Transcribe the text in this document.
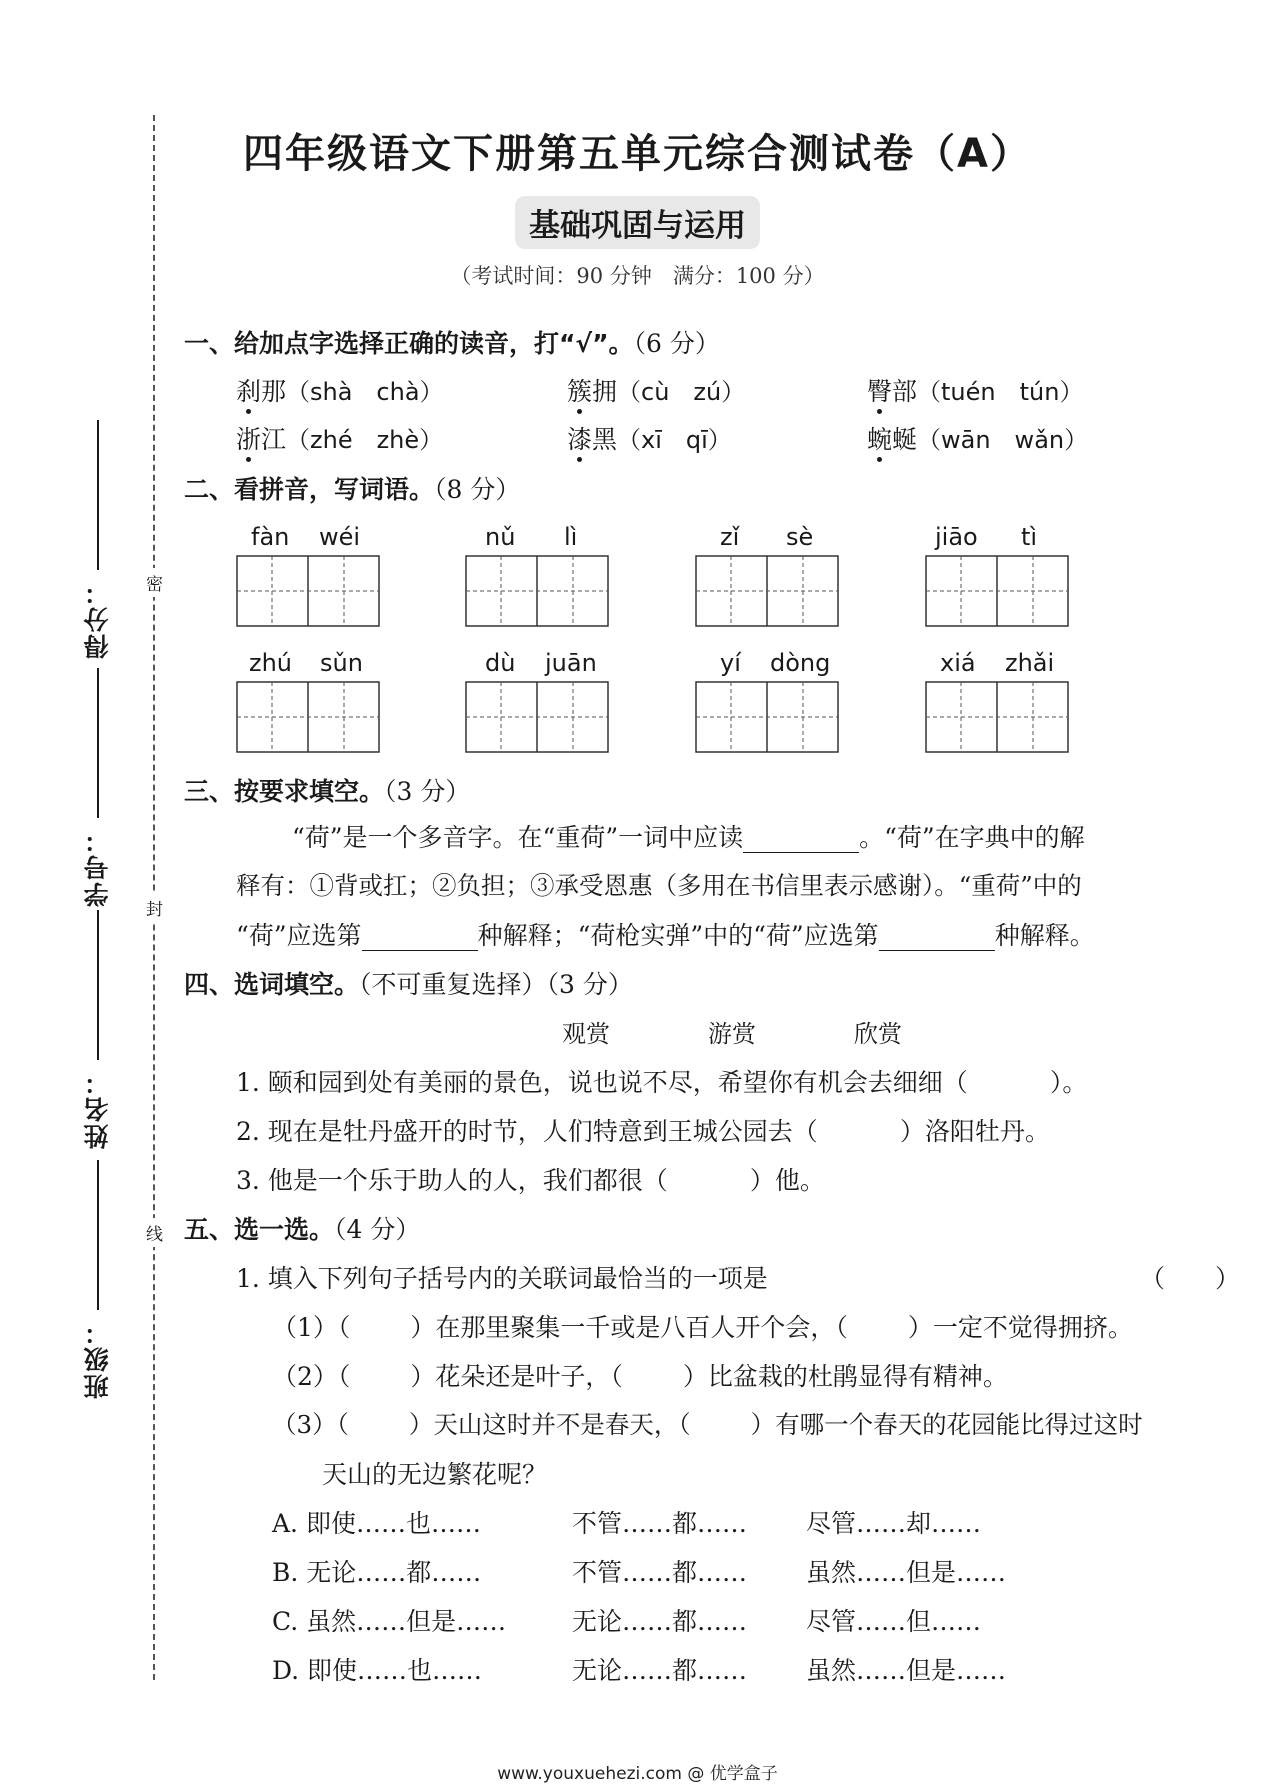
密
封
线
得分：
学号：
姓名：
班级：
四年级语文下册第五单元综合测试卷（A）
基础巩固与运用
（考试时间：90 分钟　满分：100 分）
一、给加点字选择正确的读音，打“√”。（6 分）
刹那（shà　chà）	簇拥（cù　zú）	臀部（tuén　tún）
浙江（zhé　zhè）	漆黑（xī　qī）	蜿蜒（wān　wǎn）
二、看拼音，写词语。（8 分）
fàn wéi	nǔ lì	zǐ sè	jiāo tì
zhú sǔn	dù juān	yí dòng	xiá zhǎi
三、按要求填空。（3 分）
“荷”是一个多音字。在“重荷”一词中应读	。“荷”在字典中的解
释有：①背或扛；②负担；③承受恩惠（多用在书信里表示感谢）。“重荷”中的
“荷”应选第	种解释；“荷枪实弹”中的“荷”应选第	种解释。
四、选词填空。（不可重复选择）（3 分）
观赏	游赏	欣赏
1. 颐和园到处有美丽的景色，说也说不尽，希望你有机会去细细（	）。
2. 现在是牡丹盛开的时节，人们特意到王城公园去（	）洛阳牡丹。
3. 他是一个乐于助人的人，我们都很（	）他。
五、选一选。（4 分）
1. 填入下列句子括号内的关联词最恰当的一项是	（　　）
（1）（ ）在那里聚集一千或是八百人开个会，（ ）一定不觉得拥挤。
（2）（ ）花朵还是叶子，（ ）比盆栽的杜鹃显得有精神。
（3）（ ）天山这时并不是春天，（ ）有哪一个春天的花园能比得过这时
天山的无边繁花呢？
A. 即使……也……	不管……都…… 尽管……却……
B. 无论……都……	不管……都…… 虽然……但是……
C. 虽然……但是……	无论……都…… 尽管……但……
D. 即使……也……	无论……都…… 虽然……但是……
www.youxuehezi.com @ 优学盒子
